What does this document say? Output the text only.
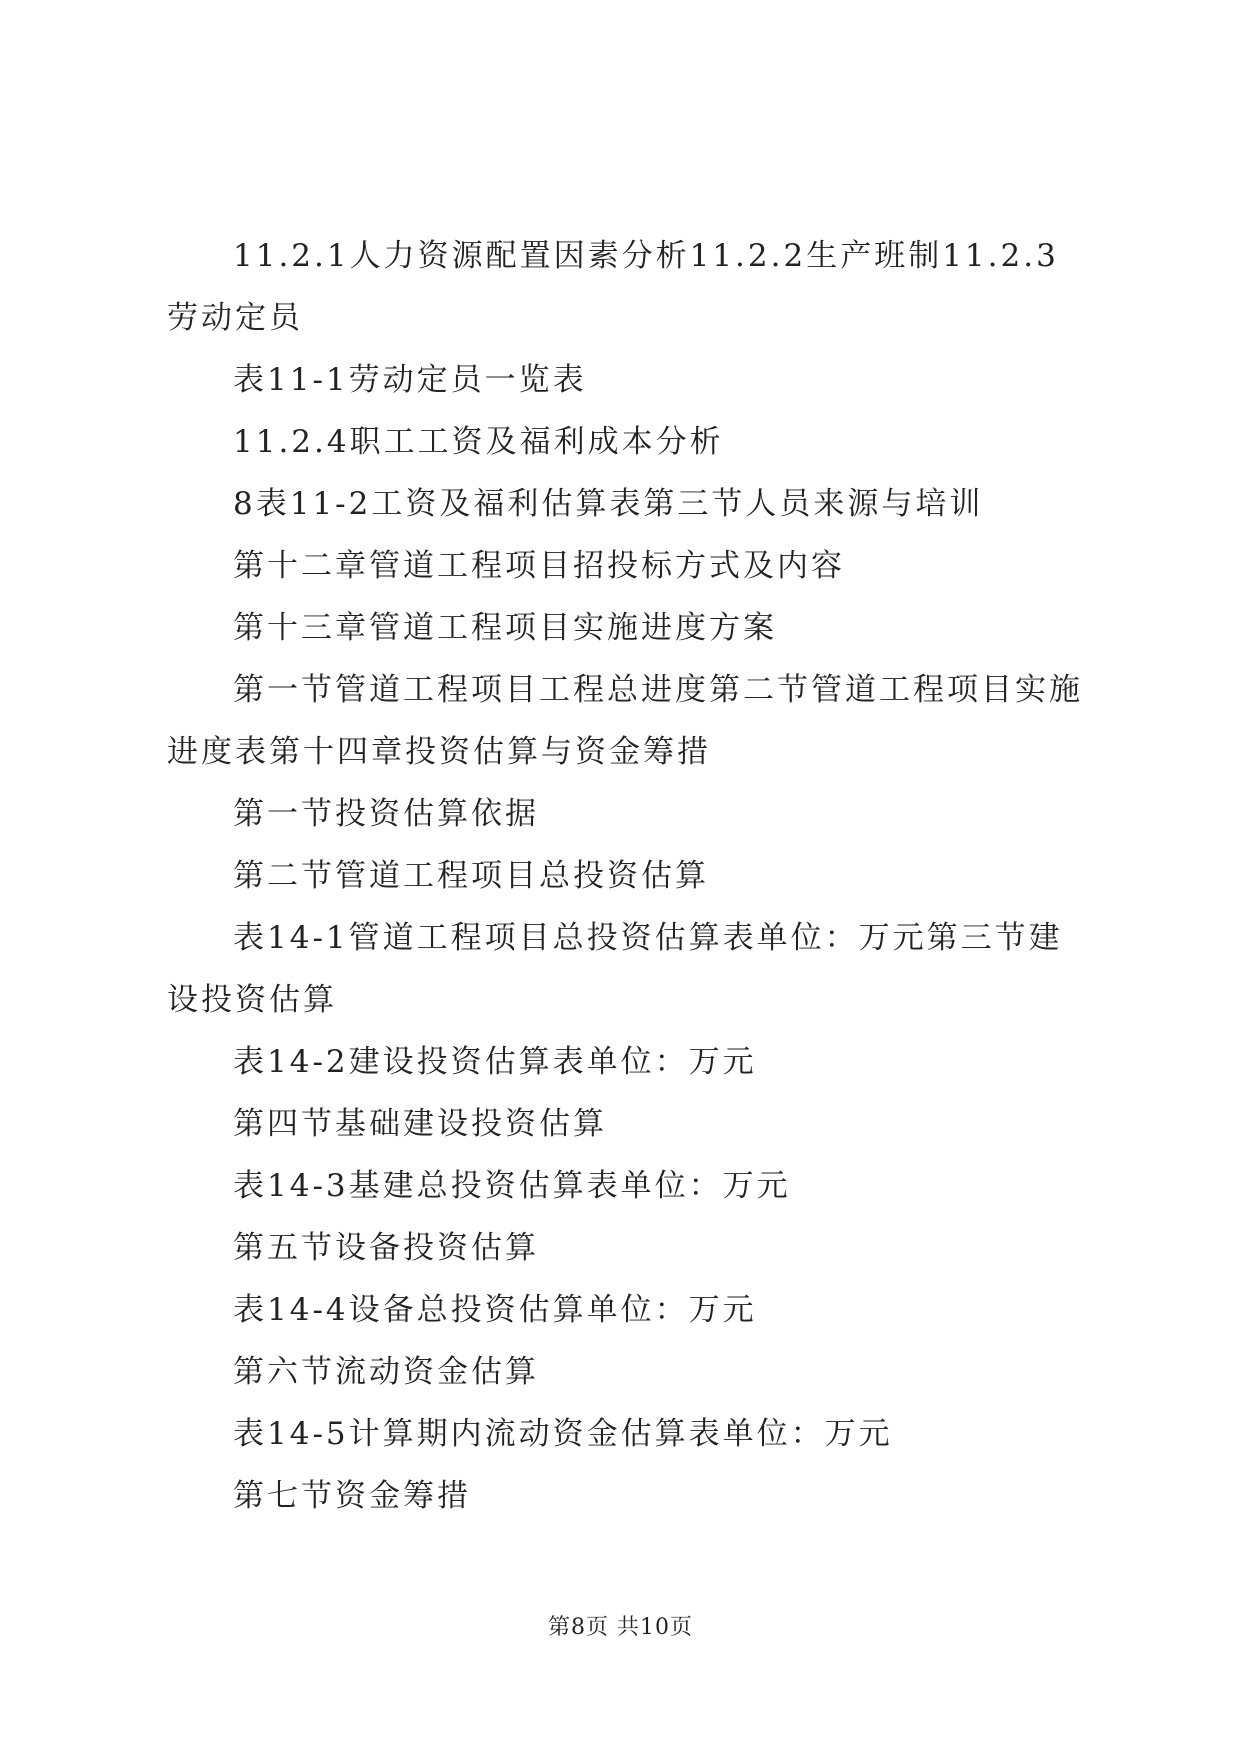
11.2.1人力资源配置因素分析11.2.2生产班制11.2.3劳动定员

表11-1劳动定员一览表

11.2.4职工工资及福利成本分析

8表11-2工资及福利估算表第三节人员来源与培训

第十二章管道工程项目招投标方式及内容

第十三章管道工程项目实施进度方案

第一节管道工程项目工程总进度第二节管道工程项目实施进度表第十四章投资估算与资金筹措

第一节投资估算依据

第二节管道工程项目总投资估算

表14-1管道工程项目总投资估算表单位：万元第三节建设投资估算

表14-2建设投资估算表单位：万元

第四节基础建设投资估算

表14-3基建总投资估算表单位：万元

第五节设备投资估算

表14-4设备总投资估算单位：万元

第六节流动资金估算

表14-5计算期内流动资金估算表单位：万元

第七节资金筹措

第8页 共10页
